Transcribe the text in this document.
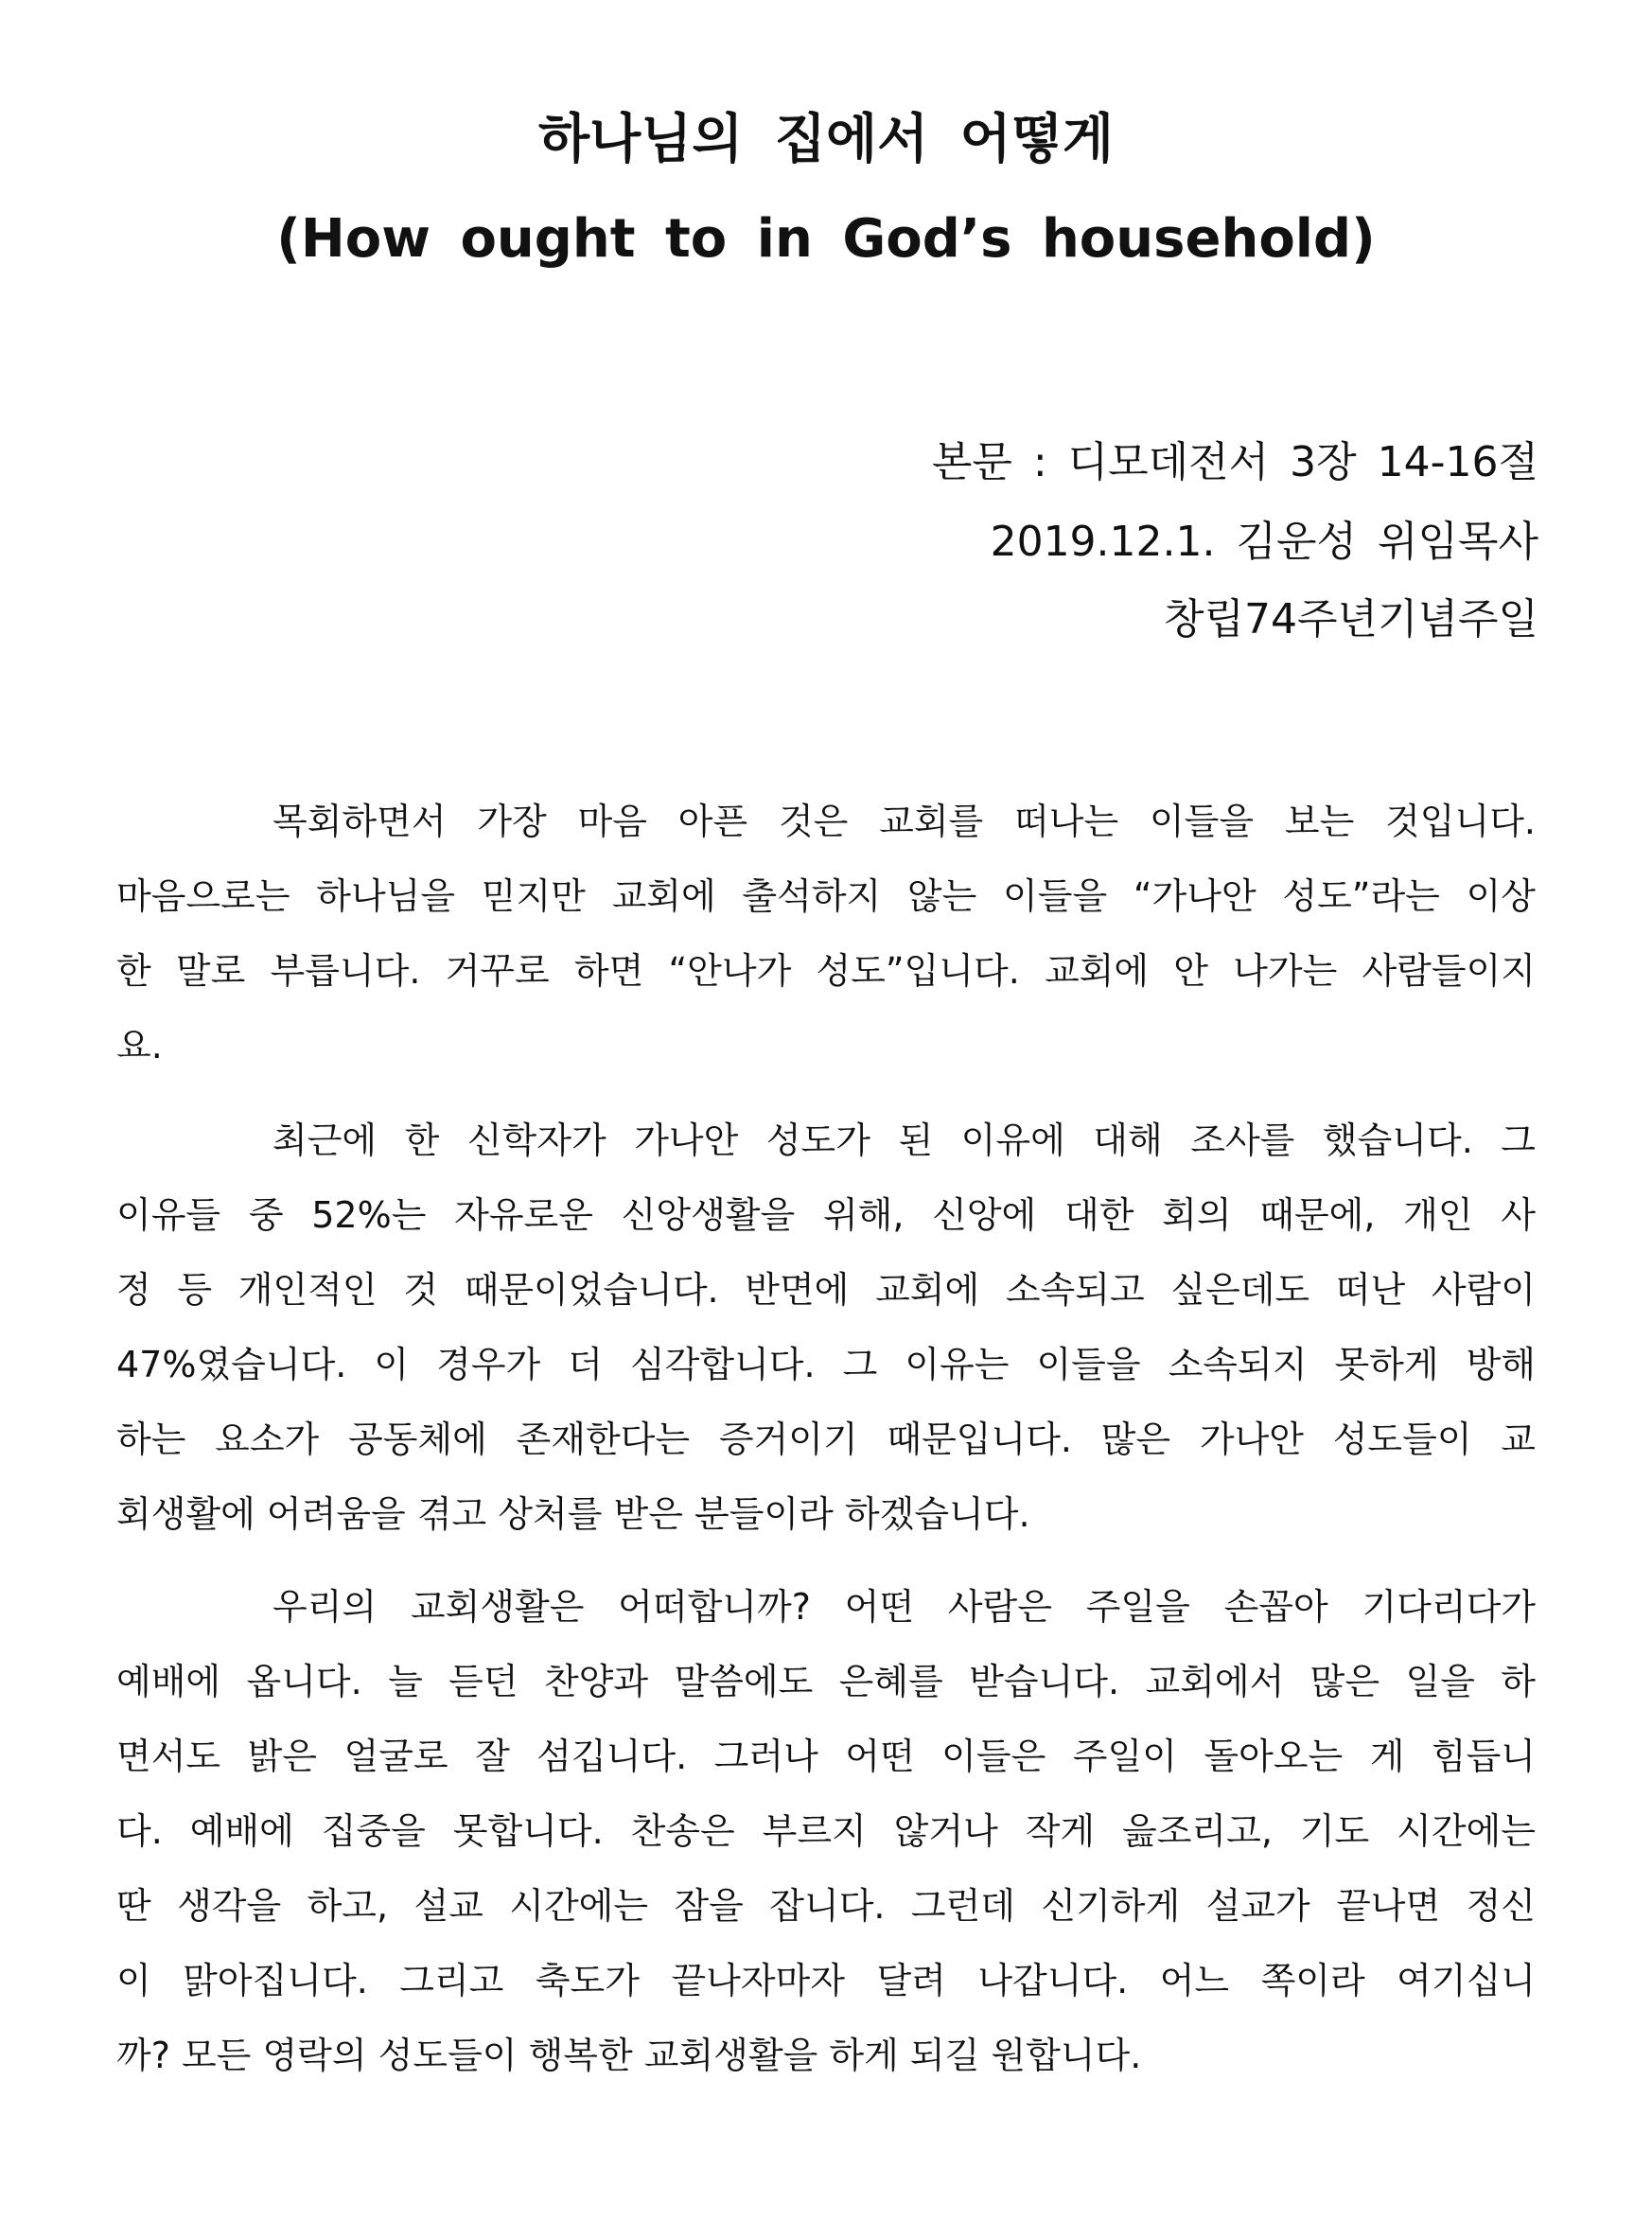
하나님의 집에서 어떻게
(How ought to in God’s household)
본문 : 디모데전서 3장 14-16절
2019.12.1. 김운성 위임목사
창립74주년기념주일
목회하면서 가장 마음 아픈 것은 교회를 떠나는 이들을 보는 것입니다.
마음으로는 하나님을 믿지만 교회에 출석하지 않는 이들을 “가나안 성도”라는 이상
한 말로 부릅니다. 거꾸로 하면 “안나가 성도”입니다. 교회에 안 나가는 사람들이지
요.
최근에 한 신학자가 가나안 성도가 된 이유에 대해 조사를 했습니다. 그
이유들 중 52%는 자유로운 신앙생활을 위해, 신앙에 대한 회의 때문에, 개인 사
정 등 개인적인 것 때문이었습니다. 반면에 교회에 소속되고 싶은데도 떠난 사람이
47%였습니다. 이 경우가 더 심각합니다. 그 이유는 이들을 소속되지 못하게 방해
하는 요소가 공동체에 존재한다는 증거이기 때문입니다. 많은 가나안 성도들이 교
회생활에 어려움을 겪고 상처를 받은 분들이라 하겠습니다.
우리의 교회생활은 어떠합니까? 어떤 사람은 주일을 손꼽아 기다리다가
예배에 옵니다. 늘 듣던 찬양과 말씀에도 은혜를 받습니다. 교회에서 많은 일을 하
면서도 밝은 얼굴로 잘 섬깁니다. 그러나 어떤 이들은 주일이 돌아오는 게 힘듭니
다. 예배에 집중을 못합니다. 찬송은 부르지 않거나 작게 읊조리고, 기도 시간에는
딴 생각을 하고, 설교 시간에는 잠을 잡니다. 그런데 신기하게 설교가 끝나면 정신
이 맑아집니다. 그리고 축도가 끝나자마자 달려 나갑니다. 어느 쪽이라 여기십니
까? 모든 영락의 성도들이 행복한 교회생활을 하게 되길 원합니다.
